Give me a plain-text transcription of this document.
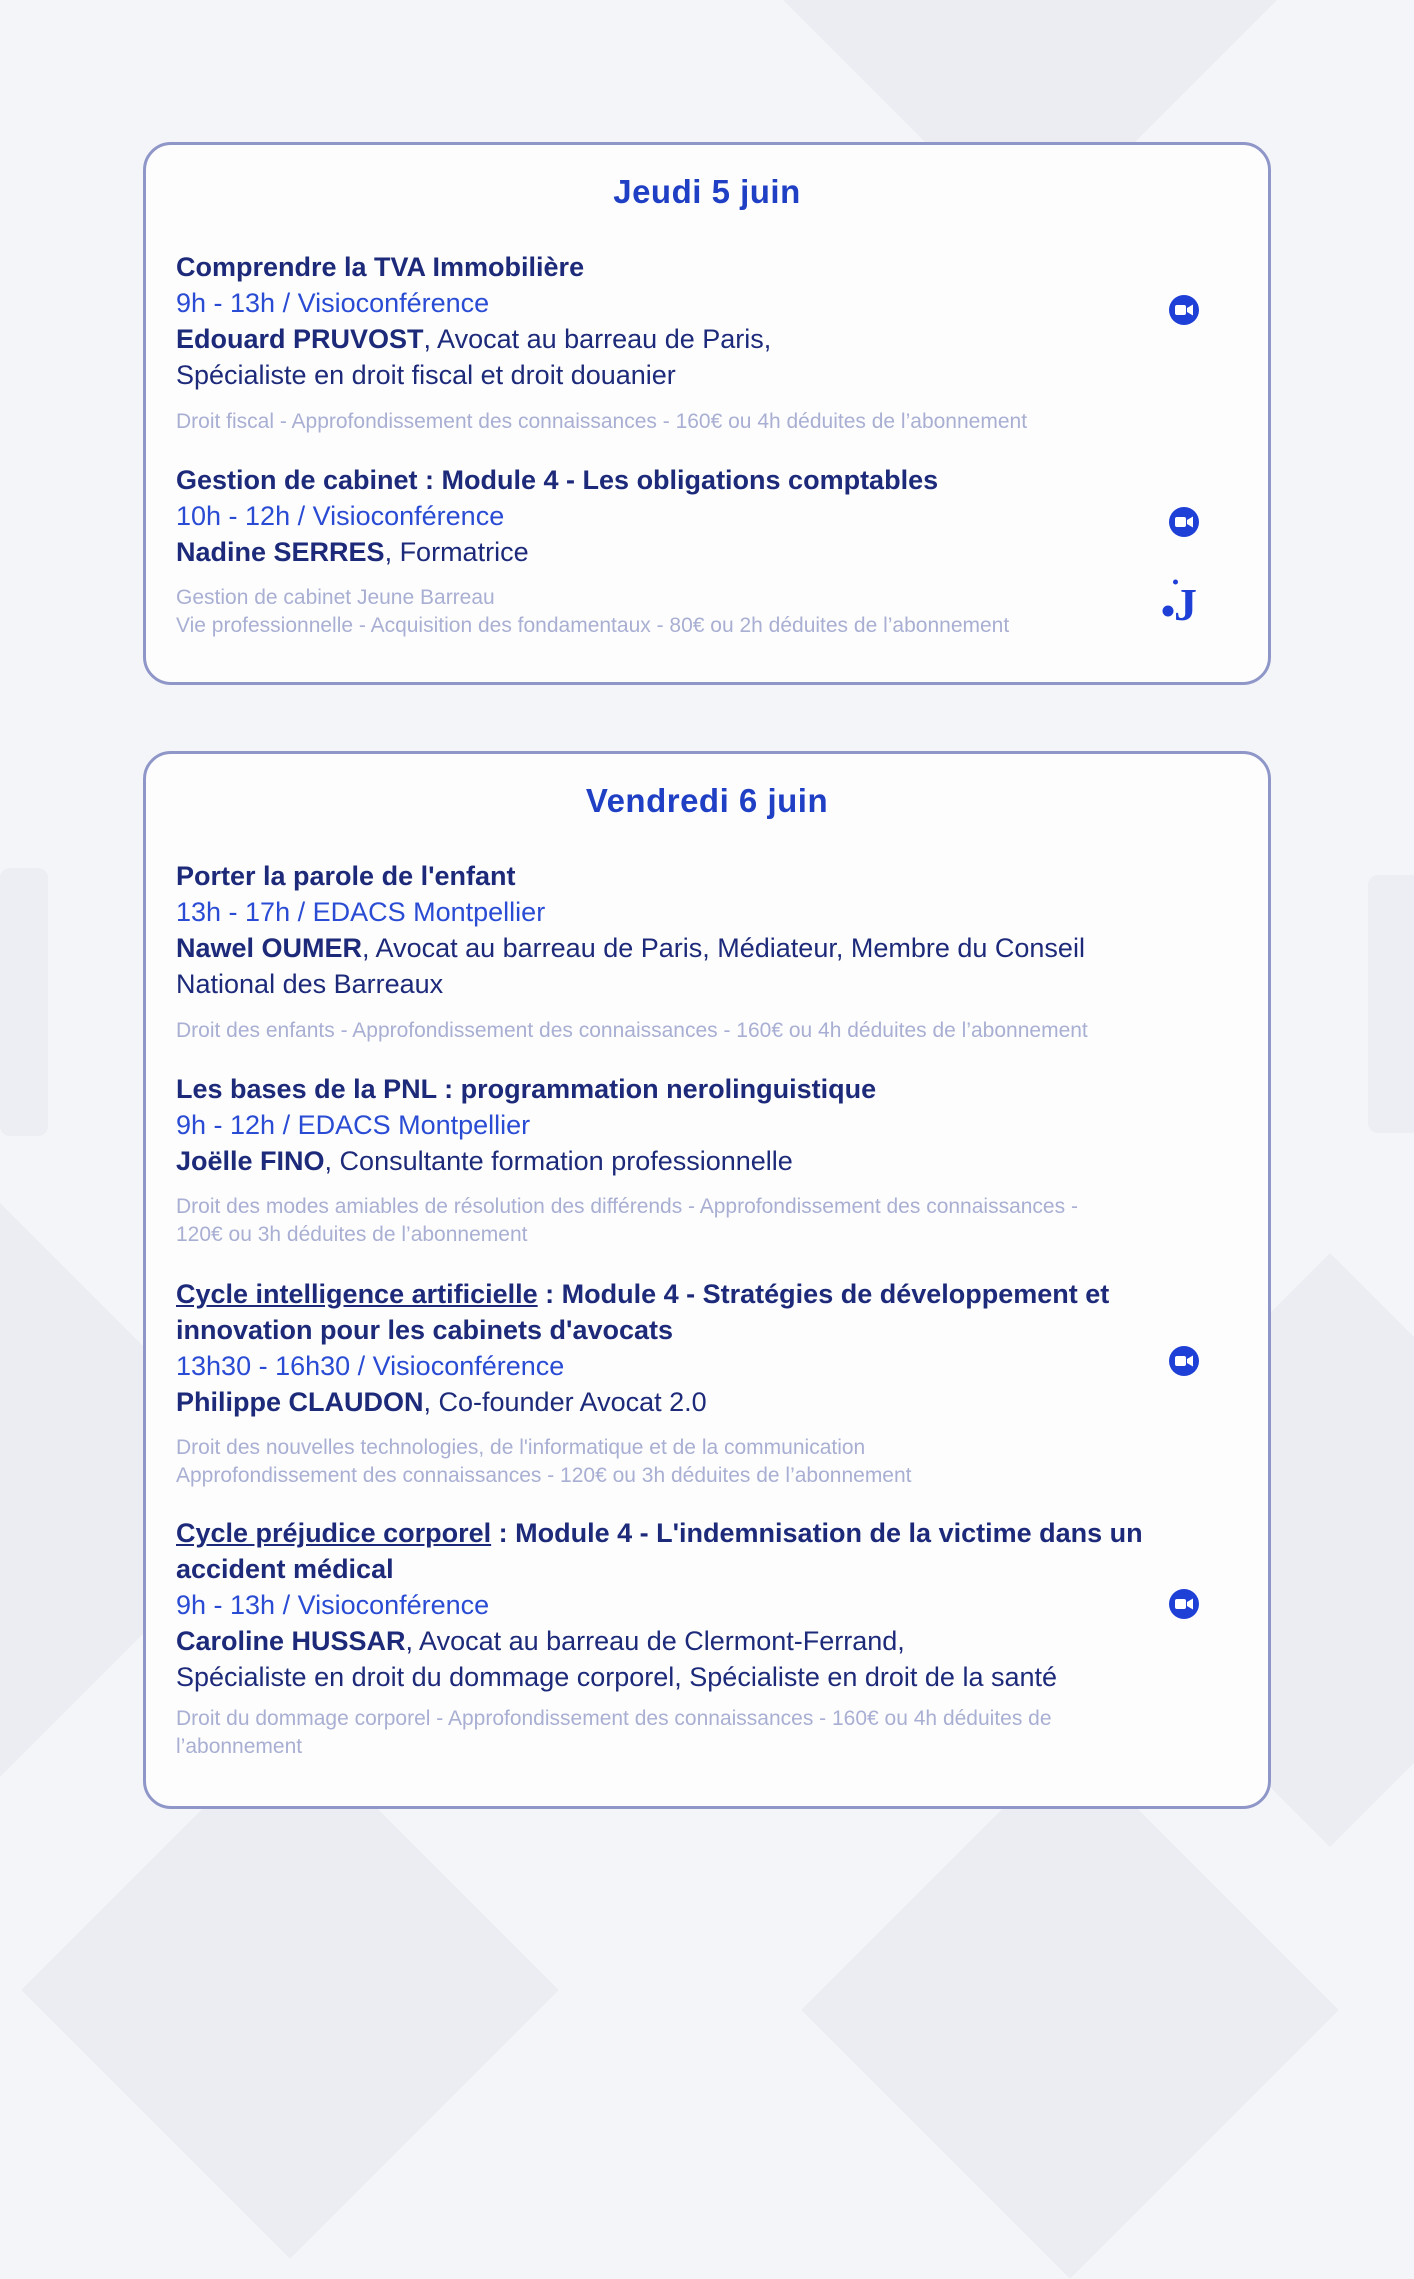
Jeudi 5 juin
Comprendre la TVA Immobilière
9h - 13h / Visioconférence
Edouard PRUVOST, Avocat au barreau de Paris,
Spécialiste en droit fiscal et droit douanier
Droit fiscal - Approfondissement des connaissances - 160€ ou 4h déduites de l’abonnement
Gestion de cabinet : Module 4 - Les obligations comptables
10h - 12h / Visioconférence
Nadine SERRES, Formatrice
Gestion de cabinet Jeune Barreau
Vie professionnelle - Acquisition des fondamentaux - 80€ ou 2h déduites de l’abonnement	J
Vendredi 6 juin
Porter la parole de l'enfant
13h - 17h / EDACS Montpellier
Nawel OUMER, Avocat au barreau de Paris, Médiateur, Membre du Conseil
National des Barreaux
Droit des enfants - Approfondissement des connaissances - 160€ ou 4h déduites de l’abonnement
Les bases de la PNL : programmation nerolinguistique
9h - 12h / EDACS Montpellier
Joëlle FINO, Consultante formation professionnelle
Droit des modes amiables de résolution des différends - Approfondissement des connaissances -
120€ ou 3h déduites de l’abonnement
Cycle intelligence artificielle : Module 4 - Stratégies de développement et
innovation pour les cabinets d'avocats
13h30 - 16h30 / Visioconférence
Philippe CLAUDON, Co-founder Avocat 2.0
Droit des nouvelles technologies, de l'informatique et de la communication
Approfondissement des connaissances - 120€ ou 3h déduites de l’abonnement
Cycle préjudice corporel : Module 4 - L'indemnisation de la victime dans un
accident médical
9h - 13h / Visioconférence
Caroline HUSSAR, Avocat au barreau de Clermont-Ferrand,
Spécialiste en droit du dommage corporel, Spécialiste en droit de la santé
Droit du dommage corporel - Approfondissement des connaissances - 160€ ou 4h déduites de
l’abonnement
